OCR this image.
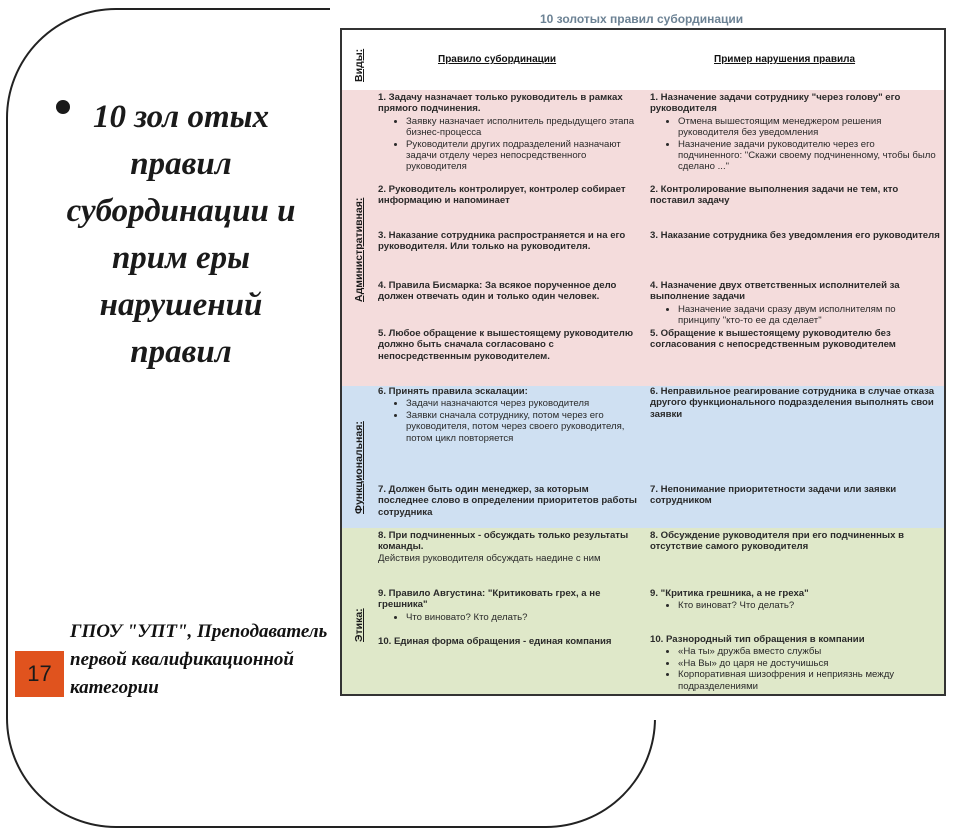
10 зол отых правил субординации и прим еры нарушений правил
ГПОУ "УПТ", Преподаватель первой квалификационной категории
17
10 золотых правил субординации
Правило субординации	Пример нарушения правила
Виды:
Административная:
Функциональная:
Этика:
1. Задачу назначает только руководитель в рамках прямого подчинения.
• Заявку назначает исполнитель предыдущего этапа бизнес-процесса
• Руководители других подразделений назначают задачи отделу через непосредственного руководителя
2. Руководитель контролирует, контролер собирает информацию и напоминает
3. Наказание сотрудника распространяется и на его руководителя. Или только на руководителя.
4. Правила Бисмарка: За всякое порученное дело должен отвечать один и только один человек.
5. Любое обращение к вышестоящему руководителю должно быть сначала согласовано с непосредственным руководителем.
6. Принять правила эскалации:
• Задачи назначаются через руководителя
• Заявки сначала сотруднику, потом через его руководителя, потом через своего руководителя, потом цикл повторяется
7. Должен быть один менеджер, за которым последнее слово в определении приоритетов работы сотрудника
8. При подчиненных - обсуждать только результаты команды.
Действия руководителя обсуждать наедине с ним
9. Правило Августина: "Критиковать грех, а не грешника"
• Что виновато? Кто делать?
10. Единая форма обращения - единая компания
1. Назначение задачи сотруднику "через голову" его руководителя
• Отмена вышестоящим менеджером решения руководителя без уведомления
• Назначение задачи руководителю через его подчиненного: "Скажи своему подчиненному, чтобы было сделано ..."
2. Контролирование выполнения задачи не тем, кто поставил задачу
3. Наказание сотрудника без уведомления его руководителя
4. Назначение двух ответственных исполнителей за выполнение задачи
• Назначение задачи сразу двум исполнителям по принципу "кто-то ее да сделает"
5. Обращение к вышестоящему руководителю без согласования с непосредственным руководителем
6. Неправильное реагирование сотрудника в случае отказа другого функционального подразделения выполнять свои заявки
7. Непонимание приоритетности задачи или заявки сотрудником
8. Обсуждение руководителя при его подчиненных в отсутствие самого руководителя
9. "Критика грешника, а не греха"
• Кто виноват? Что делать?
10. Разнородный тип обращения в компании
• «На ты» дружба вместо службы
• «На Вы» до царя не достучишься
• Корпоративная шизофрения и неприязнь между подразделениями
